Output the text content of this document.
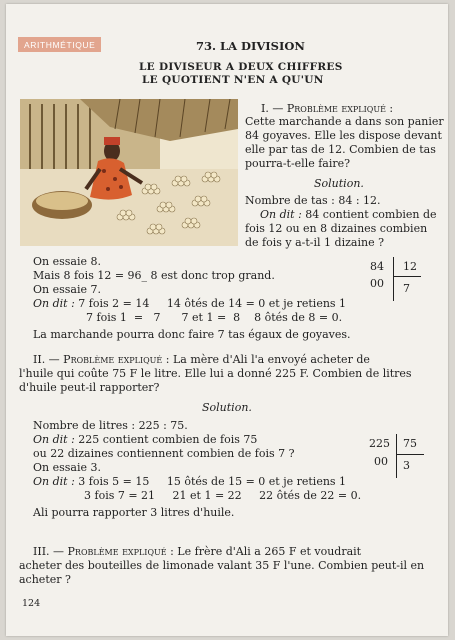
ARITHMÉTIQUE	73. LA DIVISION
LE DIVISEUR A DEUX CHIFFRES
LE QUOTIENT N'EN A QU'UN
I. — Problème expliqué :
Cette marchande a dans son panier
84 goyaves. Elle les dispose devant
elle par tas de 12. Combien de tas
pourra-t-elle faire?
Solution.
Nombre de tas : 84 : 12.
On dit : 84 contient combien de
fois 12 ou en 8 dizaines combien
de fois y a-t-il 1 dizaine ?
On essaie 8.
Mais 8 fois 12 = 96_ 8 est donc trop grand.
On essaie 7.
On dit : 7 fois 2 = 14     14 ôtés de 14 = 0 et je retiens 1
7 fois 1  =   7      7 et 1 =  8    8 ôtés de 8 = 0.
La marchande pourra donc faire 7 tas égaux de goyaves.
84 12
00 7
II. — Problème expliqué : La mère d'Ali l'a envoyé acheter de
l'huile qui coûte 75 F le litre. Elle lui a donné 225 F. Combien de litres
d'huile peut-il rapporter?
Solution.
Nombre de litres : 225 : 75.
On dit : 225 contient combien de fois 75
ou 22 dizaines contiennent combien de fois 7 ?
On essaie 3.
On dit : 3 fois 5 = 15     15 ôtés de 15 = 0 et je retiens 1
3 fois 7 = 21     21 et 1 = 22     22 ôtés de 22 = 0.
Ali pourra rapporter 3 litres d'huile.
225 75
00 3
III. — Problème expliqué : Le frère d'Ali a 265 F et voudrait
acheter des bouteilles de limonade valant 35 F l'une. Combien peut-il en
acheter ?
124
